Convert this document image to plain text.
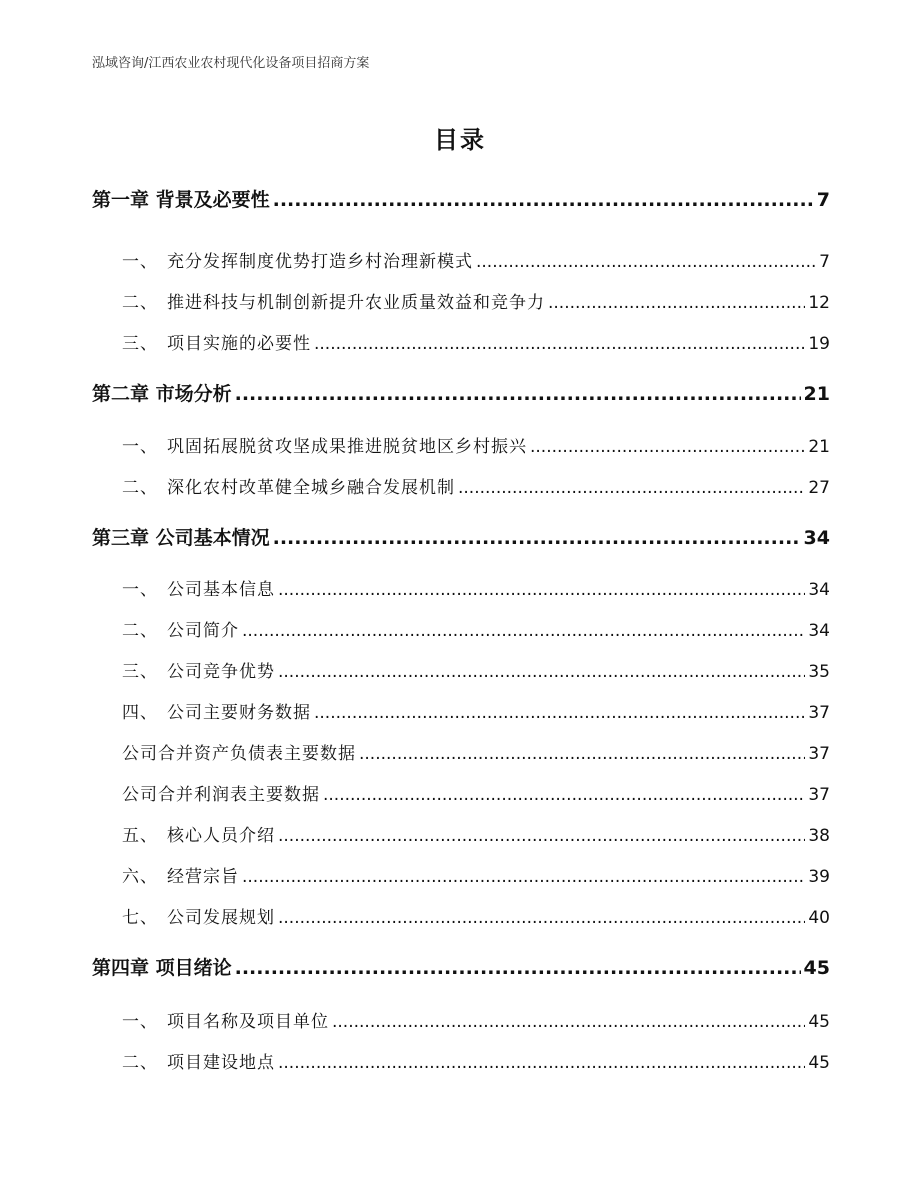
泓域咨询/江西农业农村现代化设备项目招商方案
目录
第一章 背景及必要性 .....	7
一、 充分发挥制度优势打造乡村治理新模式 .....	7
二、 推进科技与机制创新提升农业质量效益和竞争力 .....	12
三、 项目实施的必要性 .....	19
第二章 市场分析 .....	21
一、 巩固拓展脱贫攻坚成果推进脱贫地区乡村振兴 .....	21
二、 深化农村改革健全城乡融合发展机制 .....	27
第三章 公司基本情况 .....	34
一、 公司基本信息 .....	34
二、 公司简介 .....	34
三、 公司竞争优势 .....	35
四、 公司主要财务数据 .....	37
公司合并资产负债表主要数据 .....	37
公司合并利润表主要数据 .....	37
五、 核心人员介绍 .....	38
六、 经营宗旨 .....	39
七、 公司发展规划 .....	40
第四章 项目绪论 .....	45
一、 项目名称及项目单位 .....	45
二、 项目建设地点 .....	45
